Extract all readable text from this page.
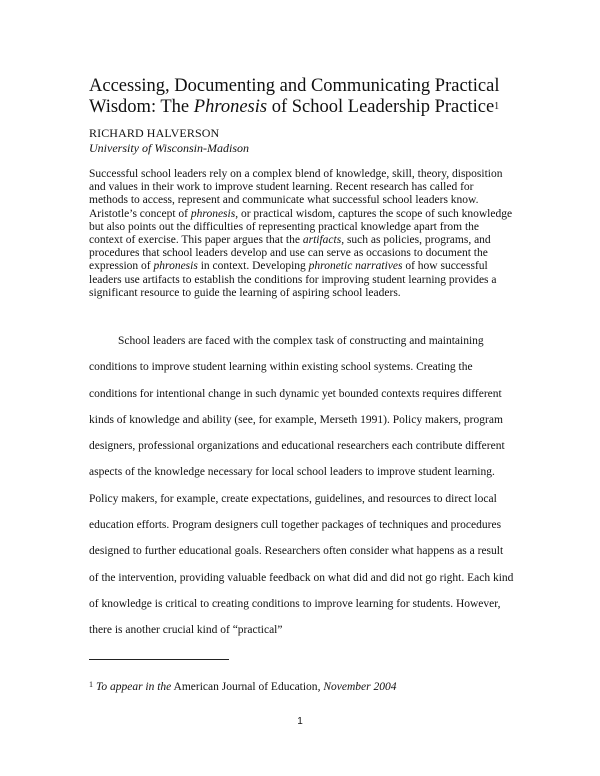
Accessing, Documenting and Communicating Practical
Wisdom: The Phronesis of School Leadership Practice$^1$
RICHARD HALVERSON
University of Wisconsin-Madison

Successful school leaders rely on a complex blend of knowledge, skill, theory, disposition and values in their work to improve student learning. Recent research has called for methods to access, represent and communicate what successful school leaders know. Aristotle’s concept of phronesis, or practical wisdom, captures the scope of such knowledge but also points out the difficulties of representing practical knowledge apart from the context of exercise. This paper argues that the artifacts, such as policies, programs, and procedures that school leaders develop and use can serve as occasions to document the expression of phronesis in context. Developing phronetic narratives of how successful leaders use artifacts to establish the conditions for improving student learning provides a significant resource to guide the learning of aspiring school leaders.

School leaders are faced with the complex task of constructing and maintaining conditions to improve student learning within existing school systems. Creating the conditions for intentional change in such dynamic yet bounded contexts requires different kinds of knowledge and ability (see, for example, Merseth 1991). Policy makers, program designers, professional organizations and educational researchers each contribute different aspects of the knowledge necessary for local school leaders to improve student learning. Policy makers, for example, create expectations, guidelines, and resources to direct local education efforts. Program designers cull together packages of techniques and procedures designed to further educational goals. Researchers often consider what happens as a result of the intervention, providing valuable feedback on what did and did not go right. Each kind of knowledge is critical to creating conditions to improve learning for students. However, there is another crucial kind of “practical”

$^1$ To appear in the American Journal of Education, November 2004
1
